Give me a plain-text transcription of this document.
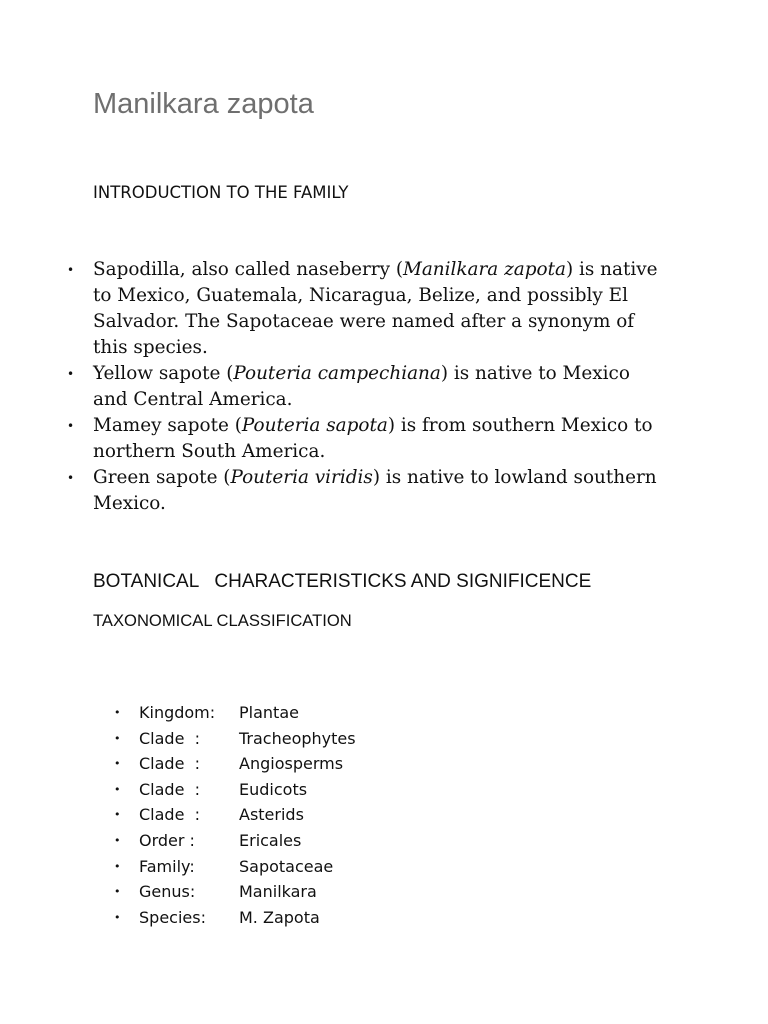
Manilkara zapota
INTRODUCTION TO THE FAMILY
• Sapodilla, also called naseberry (Manilkara zapota) is native to Mexico, Guatemala, Nicaragua, Belize, and possibly El Salvador. The Sapotaceae were named after a synonym of this species.
• Yellow sapote (Pouteria campechiana) is native to Mexico and Central America.
• Mamey sapote (Pouteria sapota) is from southern Mexico to northern South America.
• Green sapote (Pouteria viridis) is native to lowland southern Mexico.
BOTANICAL   CHARACTERISTICKS AND SIGNIFICENCE
TAXONOMICAL CLASSIFICATION
• Kingdom: Plantae
• Clade  : Tracheophytes
• Clade  : Angiosperms
• Clade  : Eudicots
• Clade  : Asterids
• Order :	Ericales
• Family:	Sapotaceae
• Genus:	Manilkara
• Species: M. Zapota
